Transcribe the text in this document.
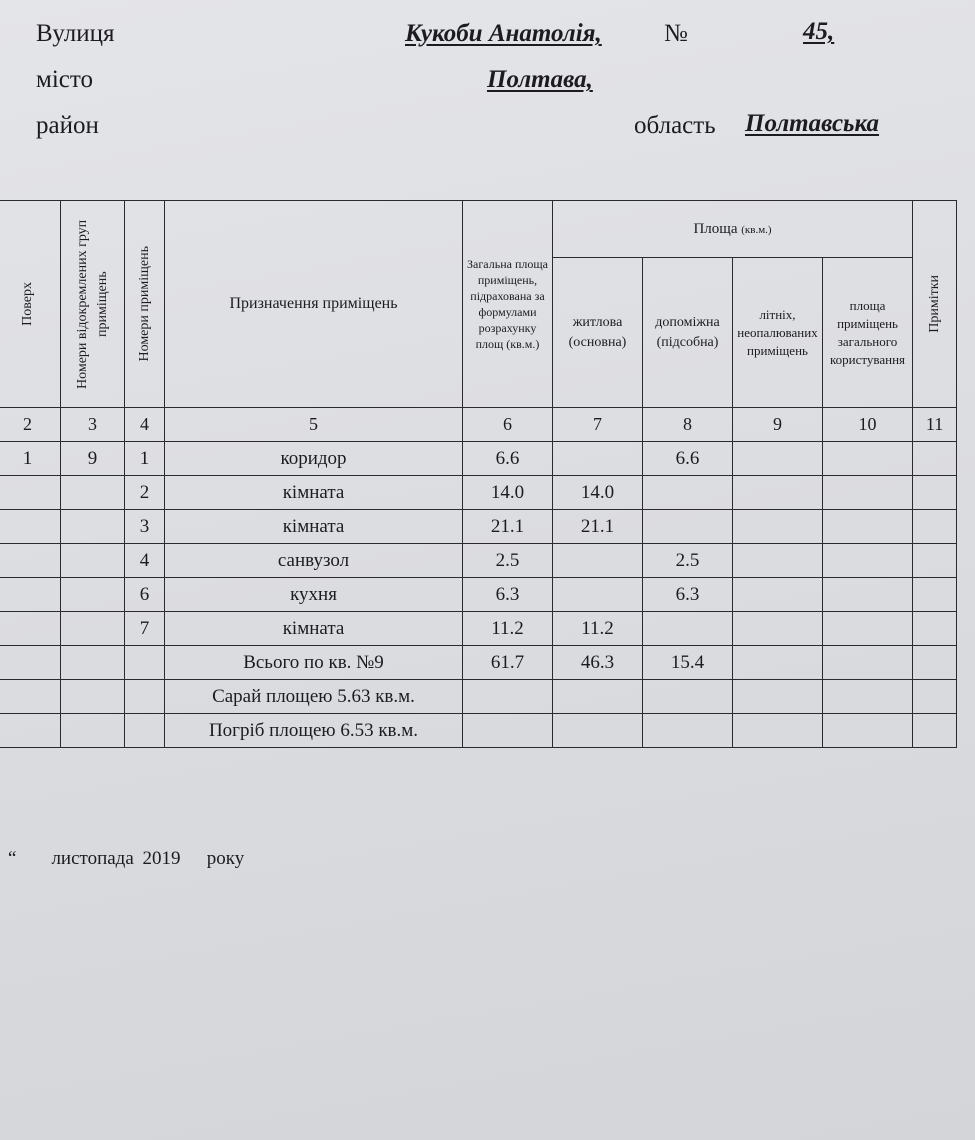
Вулиця	Кукоби Анатолія, №	45,
місто	Полтава,
район	область Полтавська
Поверх	Номери відокремлених груп приміщень	Номери приміщень	Призначення приміщень	Загальна площа приміщень, підрахована за формулами розрахунку площ (кв.м.)	Площа (кв.м.)				Примітки

					житлова (основна)	допоміжна (підсобна)	літніх, неопалюваних приміщень	площа приміщень загального користування	
2	3	4	5	6	7	8	9	10	11
1	9	1	коридор	6.6		6.6			
		2	кімната	14.0	14.0				
		3	кімната	21.1	21.1				
		4	санвузол	2.5		2.5			
		6	кухня	6.3		6.3			
		7	кімната	11.2	11.2				
			Всього по кв. №9	61.7	46.3	15.4			
			Сарай площею 5.63 кв.м.						
			Погріб площею 6.53 кв.м.						
“ листопада 2019 року
